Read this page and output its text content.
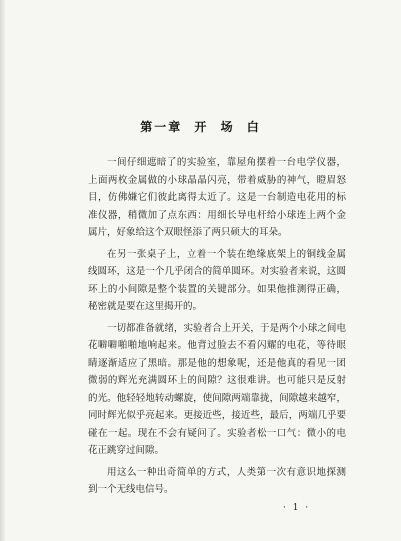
第一章 开 场 白
一间仔细遮暗了的实验室，靠屋角摆着一台电学仪器，
上面两枚金属做的小球晶晶闪亮，带着威胁的神气，瞪眉怒
目，仿佛嫌它们彼此离得太近了。这是一台制造电花用的标
准仪器，稍微加了点东西：用细长导电杆给小球连上两个金
属片，好象给这个双眼怪添了两只硕大的耳朵。
在另一张桌子上，立着一个装在绝缘底架上的铜线金属
线圆环，这是一个几乎闭合的简单圆环。对实验者来说，这圆
环上的小间隙是整个装置的关键部分。如果他推测得正确，
秘密就是要在这里揭开的。
一切都准备就绪，实验者合上开关，于是两个小球之间电
花噼噼啪啪地响起来。他背过脸去不看闪耀的电花，等待眼
睛逐渐适应了黑暗。那是他的想象呢，还是他真的看见一团
微弱的辉光充满圆环上的间隙？这很难讲。也可能只是反射
的光。他轻轻地转动螺旋，使间隙两端靠拢，间隙越来越窄，
同时辉光似乎亮起来。更接近些，接近些，最后，两端几乎要
碰在一起。现在不会有疑问了。实验者松一口气：微小的电
花正跳穿过间隙。
用这么一种出奇简单的方式，人类第一次有意识地探测
到一个无线电信号。
· 1 ·
